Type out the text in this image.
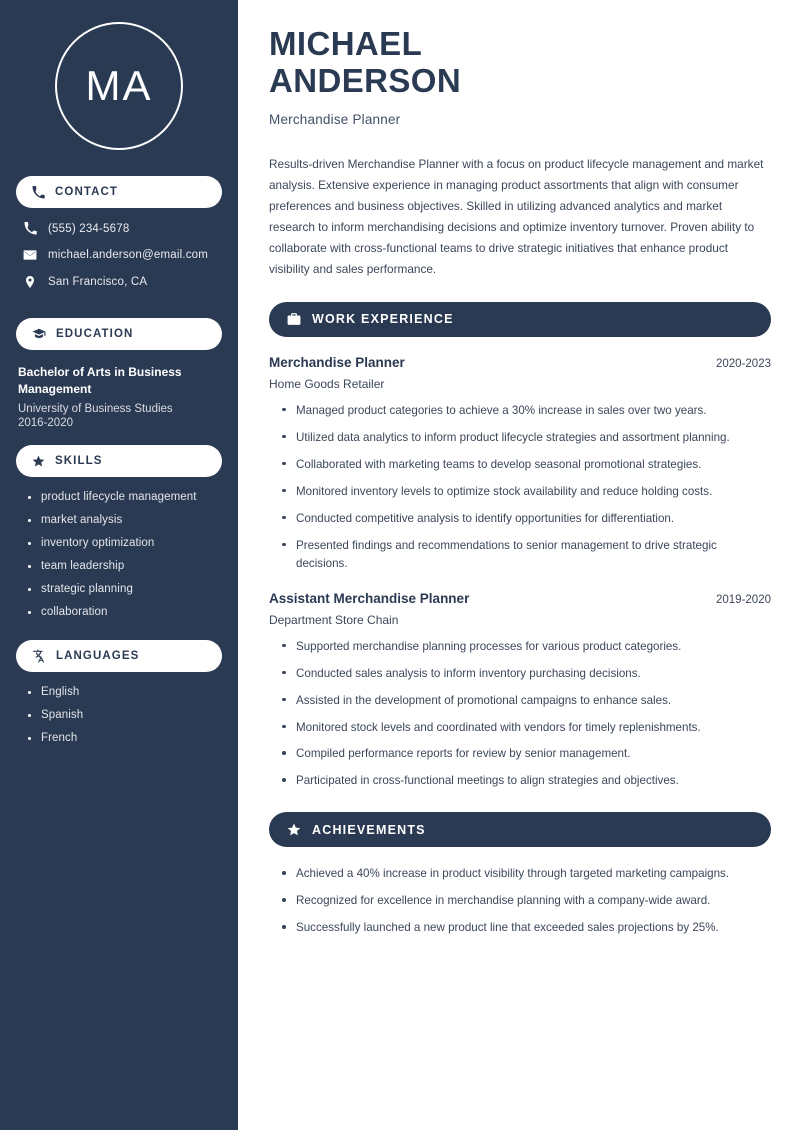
MA
CONTACT
(555) 234-5678
michael.anderson@email.com
San Francisco, CA
EDUCATION
Bachelor of Arts in Business Management
University of Business Studies
2016-2020
SKILLS
product lifecycle management
market analysis
inventory optimization
team leadership
strategic planning
collaboration
LANGUAGES
English
Spanish
French
MICHAEL
ANDERSON
Merchandise Planner

Results-driven Merchandise Planner with a focus on product lifecycle management and market analysis. Extensive experience in managing product assortments that align with consumer preferences and business objectives. Skilled in utilizing advanced analytics and market research to inform merchandising decisions and optimize inventory turnover. Proven ability to collaborate with cross-functional teams to drive strategic initiatives that enhance product visibility and sales performance.

WORK EXPERIENCE
Merchandise Planner	2020-2023
Home Goods Retailer
Managed product categories to achieve a 30% increase in sales over two years.
Utilized data analytics to inform product lifecycle strategies and assortment planning.
Collaborated with marketing teams to develop seasonal promotional strategies.
Monitored inventory levels to optimize stock availability and reduce holding costs.
Conducted competitive analysis to identify opportunities for differentiation.
Presented findings and recommendations to senior management to drive strategic decisions.
Assistant Merchandise Planner	2019-2020
Department Store Chain
Supported merchandise planning processes for various product categories.
Conducted sales analysis to inform inventory purchasing decisions.
Assisted in the development of promotional campaigns to enhance sales.
Monitored stock levels and coordinated with vendors for timely replenishments.
Compiled performance reports for review by senior management.
Participated in cross-functional meetings to align strategies and objectives.
ACHIEVEMENTS
Achieved a 40% increase in product visibility through targeted marketing campaigns.
Recognized for excellence in merchandise planning with a company-wide award.
Successfully launched a new product line that exceeded sales projections by 25%.
